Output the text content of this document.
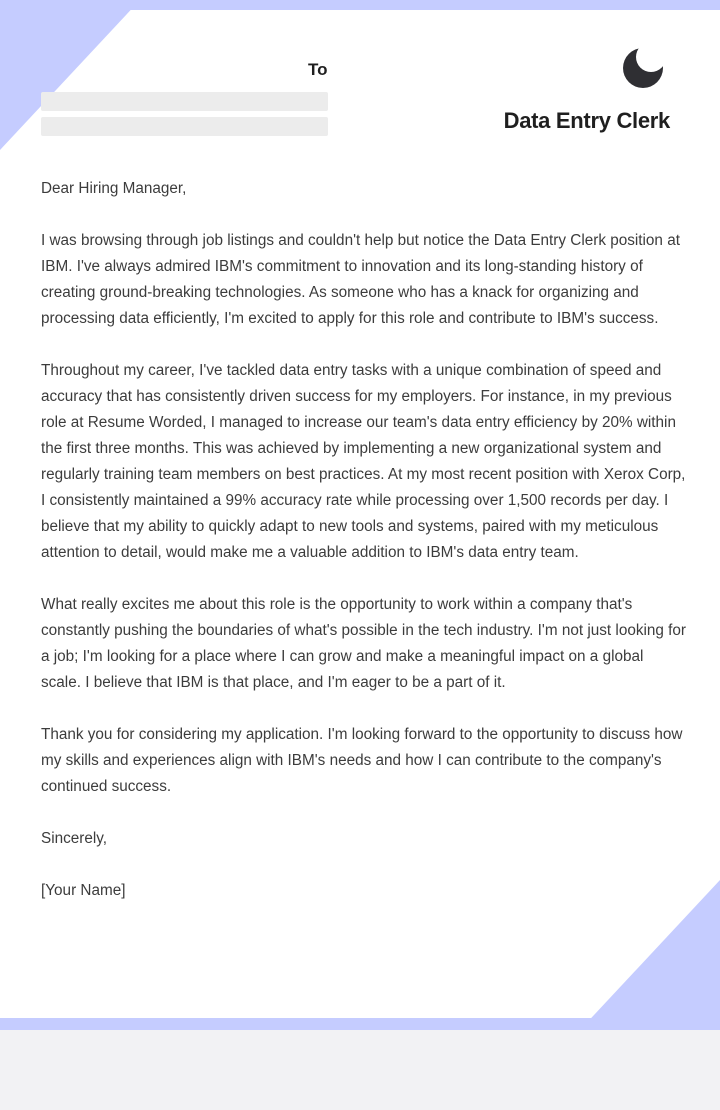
To
Data Entry Clerk

Dear Hiring Manager,

I was browsing through job listings and couldn't help but notice the Data Entry Clerk position at IBM. I've always admired IBM's commitment to innovation and its long-standing history of creating ground-breaking technologies. As someone who has a knack for organizing and processing data efficiently, I'm excited to apply for this role and contribute to IBM's success.

Throughout my career, I've tackled data entry tasks with a unique combination of speed and accuracy that has consistently driven success for my employers. For instance, in my previous role at Resume Worded, I managed to increase our team's data entry efficiency by 20% within the first three months. This was achieved by implementing a new organizational system and regularly training team members on best practices. At my most recent position with Xerox Corp, I consistently maintained a 99% accuracy rate while processing over 1,500 records per day. I believe that my ability to quickly adapt to new tools and systems, paired with my meticulous attention to detail, would make me a valuable addition to IBM's data entry team.

What really excites me about this role is the opportunity to work within a company that's constantly pushing the boundaries of what's possible in the tech industry. I'm not just looking for a job; I'm looking for a place where I can grow and make a meaningful impact on a global scale. I believe that IBM is that place, and I'm eager to be a part of it.

Thank you for considering my application. I'm looking forward to the opportunity to discuss how my skills and experiences align with IBM's needs and how I can contribute to the company's continued success.

Sincerely,

[Your Name]
